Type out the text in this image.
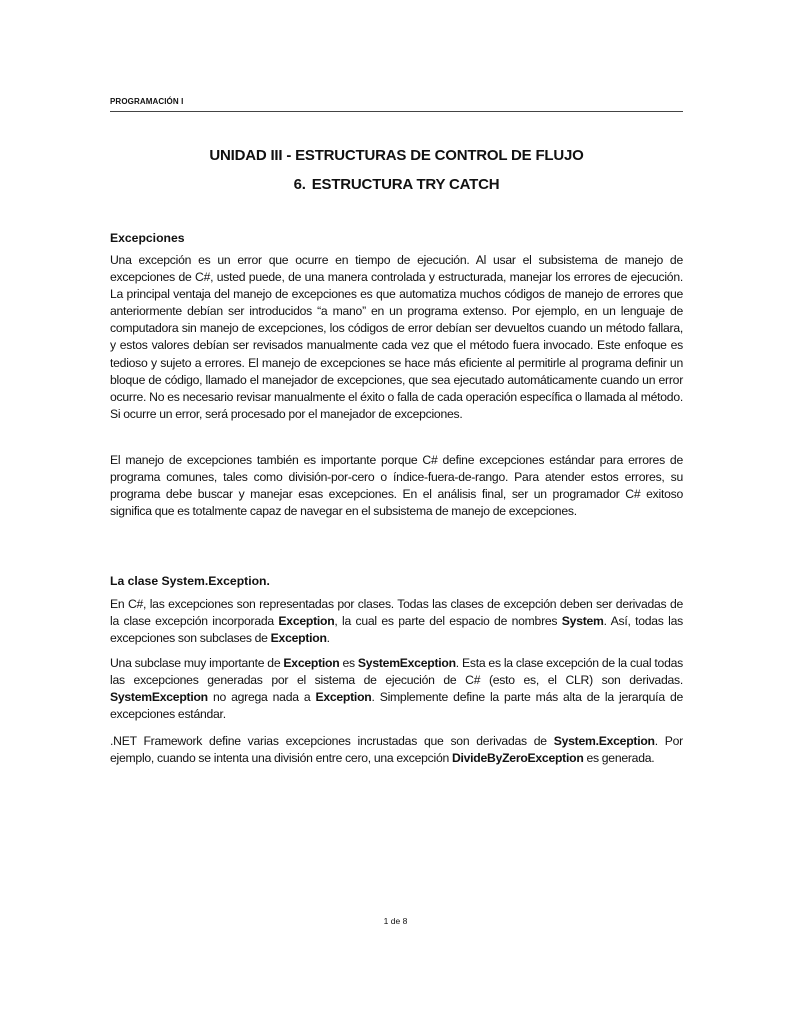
PROGRAMACIÓN I
UNIDAD III - ESTRUCTURAS DE CONTROL DE FLUJO
6. ESTRUCTURA TRY CATCH
Excepciones
Una excepción es un error que ocurre en tiempo de ejecución. Al usar el subsistema de manejo de excepciones de C#, usted puede, de una manera controlada y estructurada, manejar los errores de ejecución. La principal ventaja del manejo de excepciones es que automatiza muchos códigos de manejo de errores que anteriormente debían ser introducidos “a mano” en un programa extenso. Por ejemplo, en un lenguaje de computadora sin manejo de excepciones, los códigos de error debían ser devueltos cuando un método fallara, y estos valores debían ser revisados manualmente cada vez que el método fuera invocado. Este enfoque es tedioso y sujeto a errores. El manejo de excepciones se hace más eficiente al permitirle al programa definir un bloque de código, llamado el manejador de excepciones, que sea ejecutado automáticamente cuando un error ocurre. No es necesario revisar manualmente el éxito o falla de cada operación específica o llamada al método. Si ocurre un error, será procesado por el manejador de excepciones.
El manejo de excepciones también es importante porque C# define excepciones estándar para errores de programa comunes, tales como división-por-cero o índice-fuera-de-rango. Para atender estos errores, su programa debe buscar y manejar esas excepciones. En el análisis final, ser un programador C# exitoso significa que es totalmente capaz de navegar en el subsistema de manejo de excepciones.
La clase System.Exception.
En C#, las excepciones son representadas por clases. Todas las clases de excepción deben ser derivadas de la clase excepción incorporada Exception, la cual es parte del espacio de nombres System. Así, todas las excepciones son subclases de Exception.
Una subclase muy importante de Exception es SystemException. Esta es la clase excepción de la cual todas las excepciones generadas por el sistema de ejecución de C# (esto es, el CLR) son derivadas. SystemException no agrega nada a Exception. Simplemente define la parte más alta de la jerarquía de excepciones estándar.
.NET Framework define varias excepciones incrustadas que son derivadas de System.Exception. Por ejemplo, cuando se intenta una división entre cero, una excepción DivideByZeroException es generada.
1 de 8
